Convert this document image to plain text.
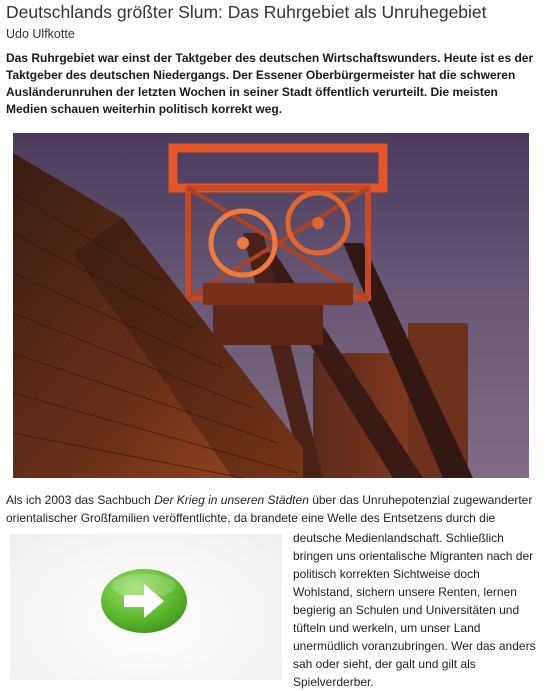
Deutschlands größter Slum: Das Ruhrgebiet als Unruhegebiet
Udo Ulfkotte

Das Ruhrgebiet war einst der Taktgeber des deutschen Wirtschaftswunders. Heute ist es der Taktgeber des deutschen Niedergangs. Der Essener Oberbürgermeister hat die schweren Ausländerunruhen der letzten Wochen in seiner Stadt öffentlich verurteilt. Die meisten Medien schauen weiterhin politisch korrekt weg.

Als ich 2003 das Sachbuch Der Krieg in unseren Städten über das Unruhepotenzial zugewanderter orientalischer Großfamilien veröffentlichte, da brandete eine Welle des Entsetzens durch die

deutsche Medienlandschaft. Schließlich bringen uns orientalische Migranten nach der politisch korrekten Sichtweise doch Wohlstand, sichern unsere Renten, lernen begierig an Schulen und Universitäten und tüfteln und werkeln, um unser Land unermüdlich voranzubringen. Wer das anders sah oder sieht, der galt und gilt als Spielverderber.
